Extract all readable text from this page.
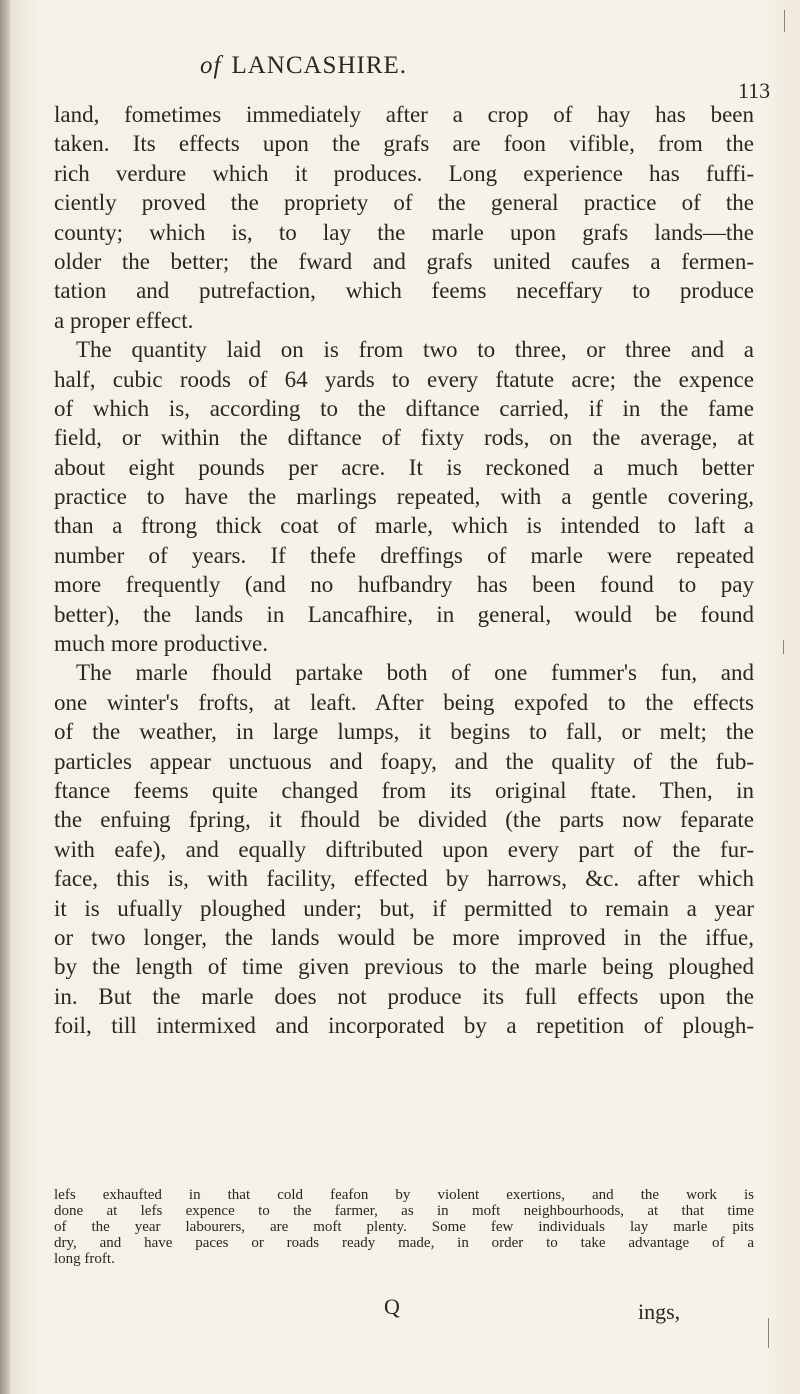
of LANCASHIRE.
113
land, fometimes immediately after a crop of hay has been
taken. Its effects upon the grafs are foon vifible, from the
rich verdure which it produces. Long experience has fuffi-
ciently proved the propriety of the general practice of the
county; which is, to lay the marle upon grafs lands—the
older the better; the fward and grafs united caufes a fermen-
tation and putrefaction, which feems neceffary to produce
a proper effect.
The quantity laid on is from two to three, or three and a
half, cubic roods of 64 yards to every ftatute acre; the expence
of which is, according to the diftance carried, if in the fame
field, or within the diftance of fixty rods, on the average, at
about eight pounds per acre. It is reckoned a much better
practice to have the marlings repeated, with a gentle covering,
than a ftrong thick coat of marle, which is intended to laft a
number of years. If thefe dreffings of marle were repeated
more frequently (and no hufbandry has been found to pay
better), the lands in Lancafhire, in general, would be found
much more productive.
The marle fhould partake both of one fummer's fun, and
one winter's frofts, at leaft. After being expofed to the effects
of the weather, in large lumps, it begins to fall, or melt; the
particles appear unctuous and foapy, and the quality of the fub-
ftance feems quite changed from its original ftate. Then, in
the enfuing fpring, it fhould be divided (the parts now feparate
with eafe), and equally diftributed upon every part of the fur-
face, this is, with facility, effected by harrows, &c. after which
it is ufually ploughed under; but, if permitted to remain a year
or two longer, the lands would be more improved in the iffue,
by the length of time given previous to the marle being ploughed
in. But the marle does not produce its full effects upon the
foil, till intermixed and incorporated by a repetition of plough-
lefs exhaufted in that cold feafon by violent exertions, and the work is
done at lefs expence to the farmer, as in moft neighbourhoods, at that time
of the year labourers, are moft plenty. Some few individuals lay marle pits
dry, and have paces or roads ready made, in order to take advantage of a
long froft.
Q	ings,
